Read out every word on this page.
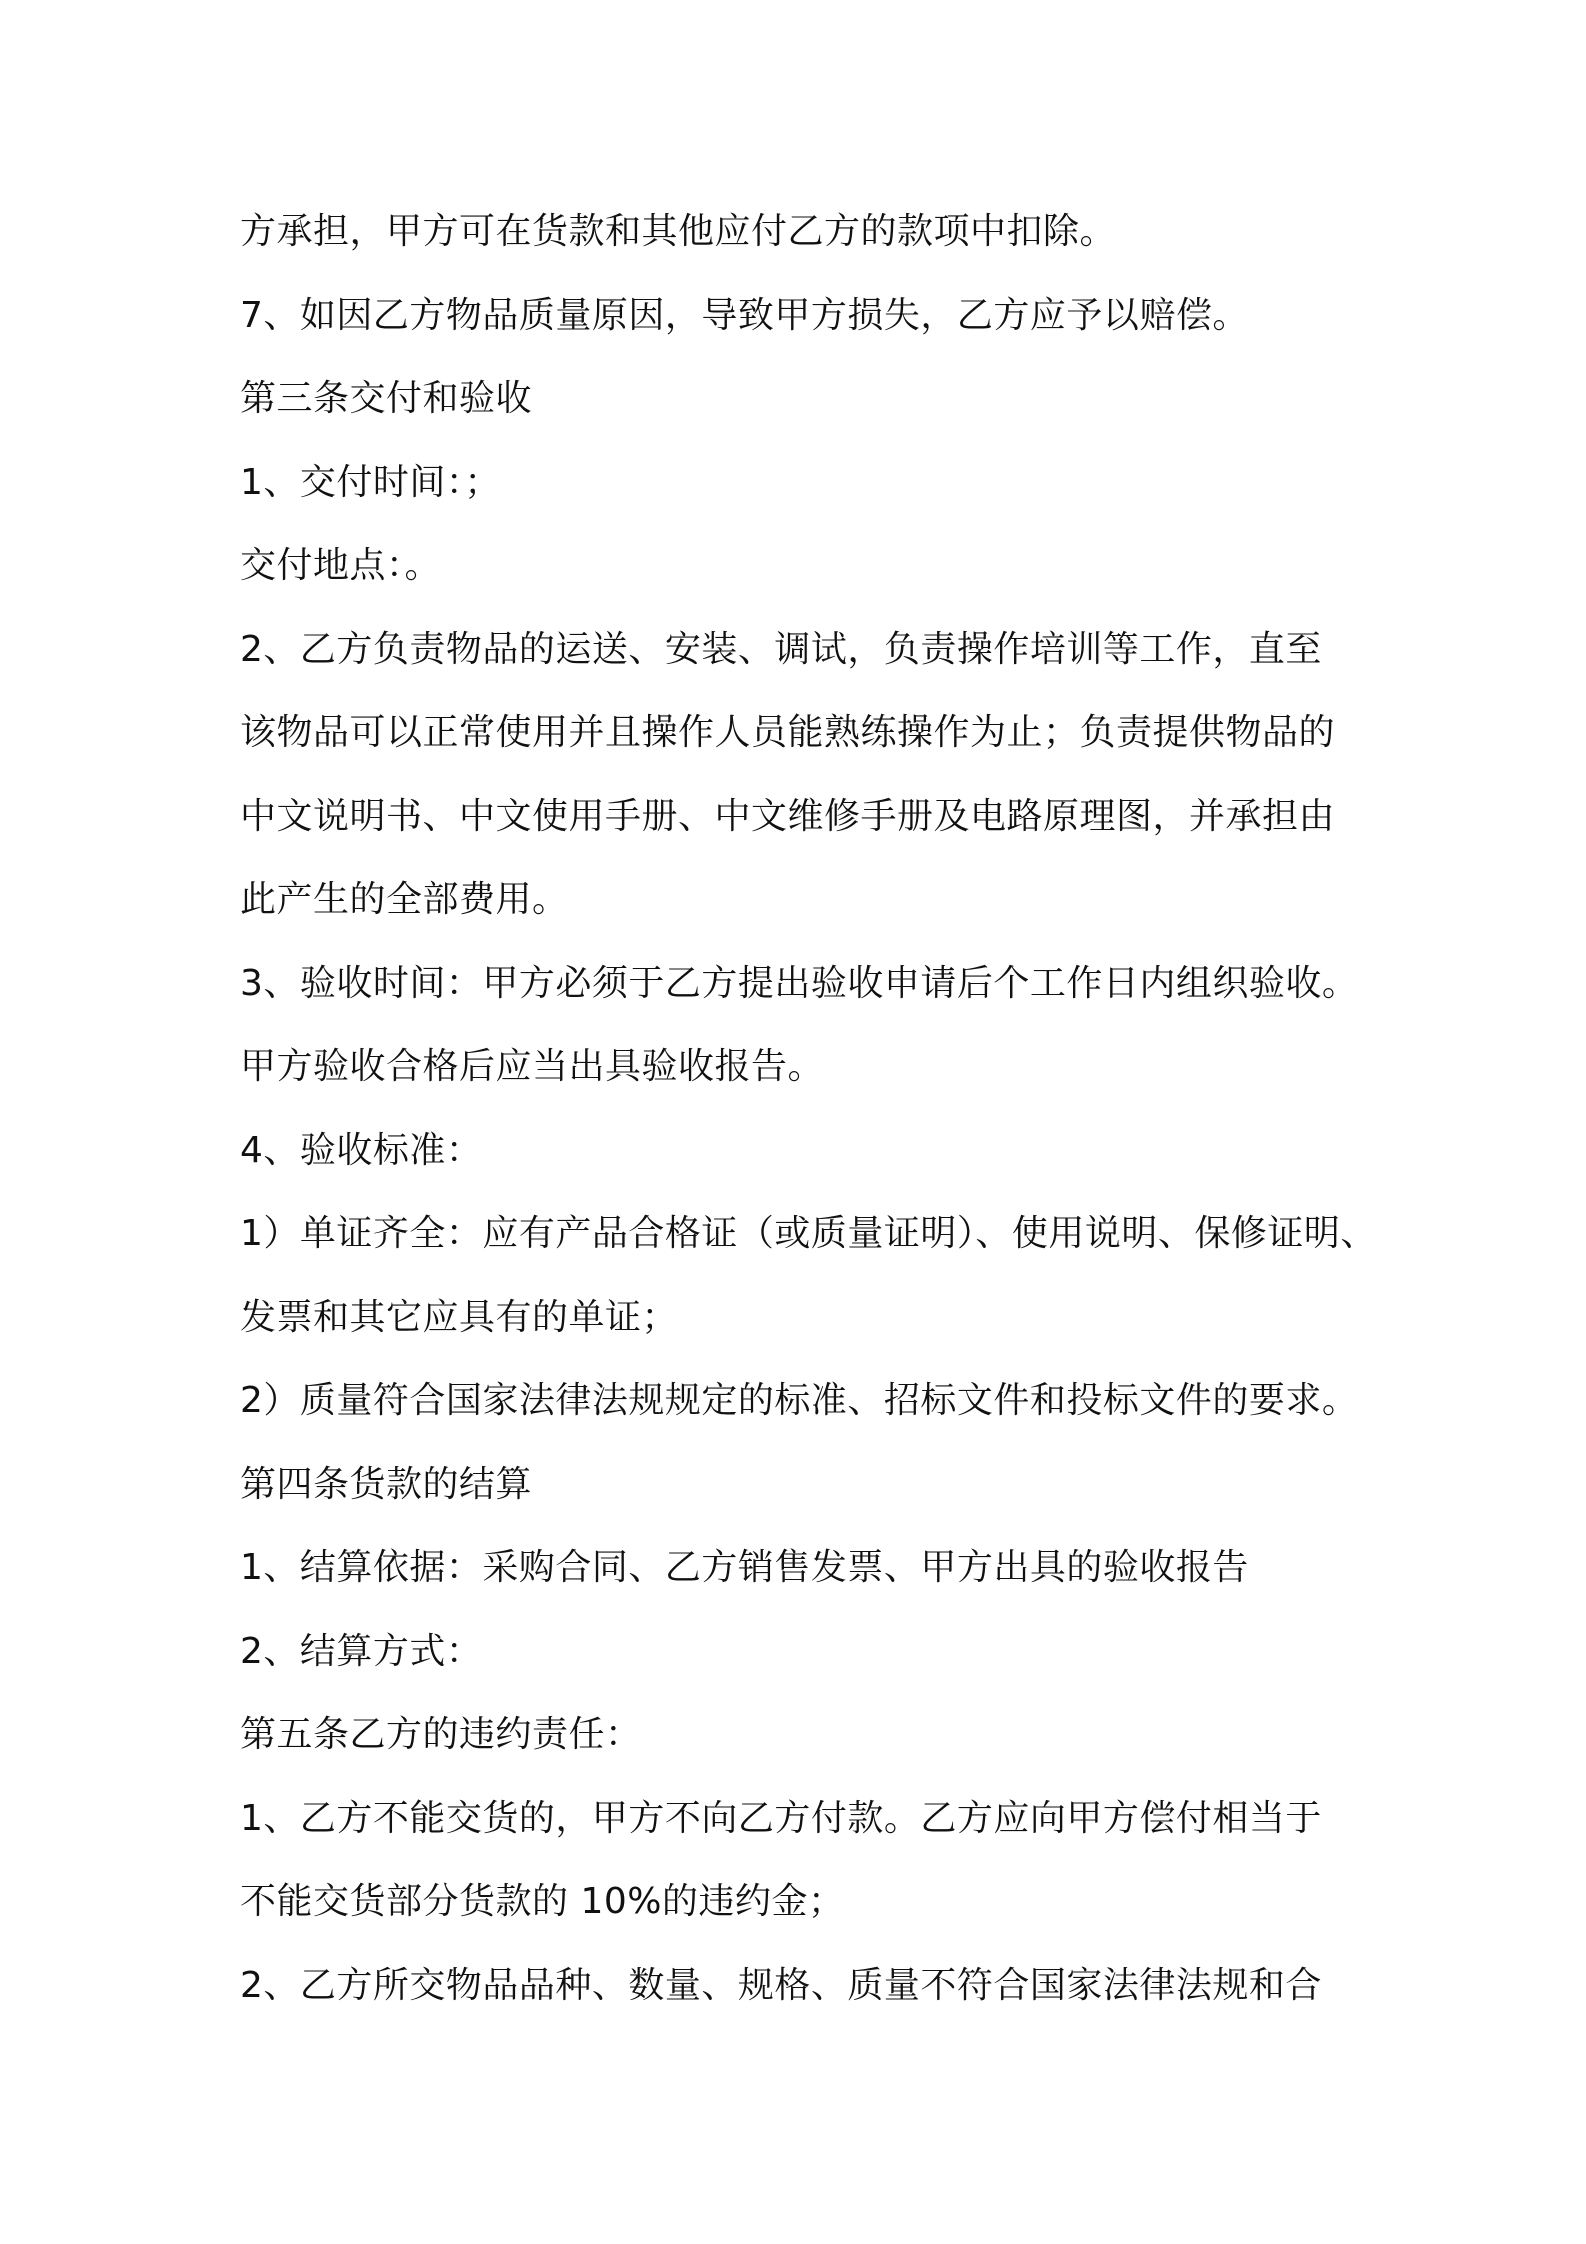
方承担，甲方可在货款和其他应付乙方的款项中扣除。
7、如因乙方物品质量原因，导致甲方损失，乙方应予以赔偿。
第三条交付和验收
1、交付时间：；
交付地点：。
2、乙方负责物品的运送、安装、调试，负责操作培训等工作，直至
该物品可以正常使用并且操作人员能熟练操作为止；负责提供物品的
中文说明书、中文使用手册、中文维修手册及电路原理图，并承担由
此产生的全部费用。
3、验收时间：甲方必须于乙方提出验收申请后个工作日内组织验收。
甲方验收合格后应当出具验收报告。
4、验收标准：
1）单证齐全：应有产品合格证（或质量证明）、使用说明、保修证明、
发票和其它应具有的单证；
2）质量符合国家法律法规规定的标准、招标文件和投标文件的要求。
第四条货款的结算
1、结算依据：采购合同、乙方销售发票、甲方出具的验收报告
2、结算方式：
第五条乙方的违约责任：
1、乙方不能交货的，甲方不向乙方付款。乙方应向甲方偿付相当于
不能交货部分货款的 10%的违约金；
2、乙方所交物品品种、数量、规格、质量不符合国家法律法规和合
